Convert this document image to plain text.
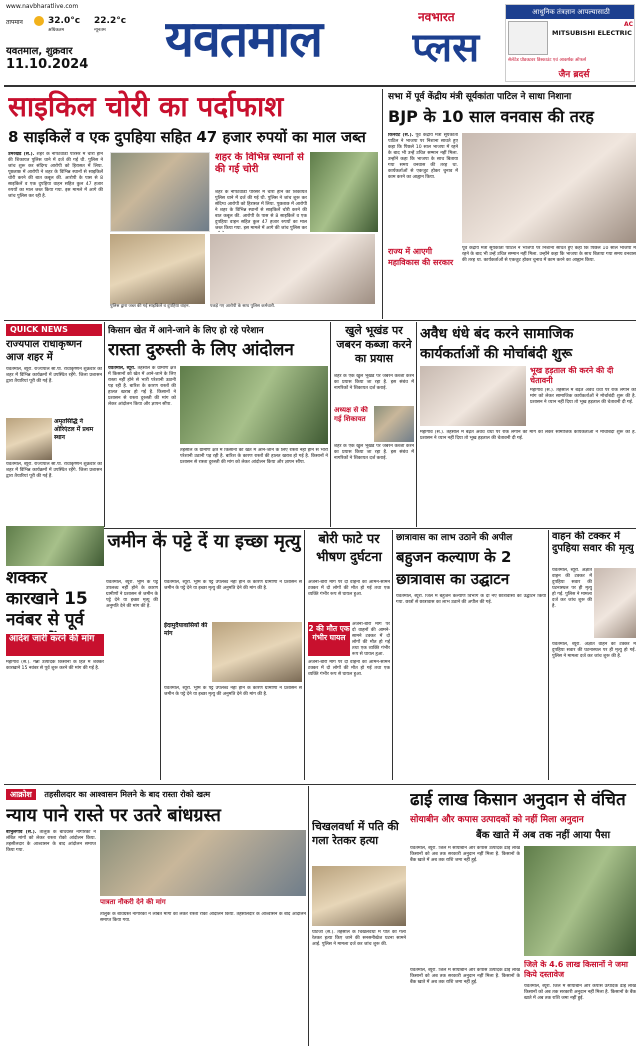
www.navbharatlive.com
तापमान	32.0°c 22.2°c
अधिकतम	न्यूनतम
यवतमाल, शुक्रवार
11.10.2024
	यवतमाल	नवभारत
प्लस
आधुनिक तंत्रज्ञान आपल्यासाठी
MITSUBISHI ELECTRIC
AC
सेलेटेड प्रोडक्टवर डिस्काउंट एवं आकर्षक ऑफर्स
जैन ब्रदर्स
साइकिल चोरी का पर्दाफाश
8 साइकिलें व एक दुपहिया सहित 47 हजार रुपयों का माल जब्त
उमरखेड (सं.). शहर के नौपटवाडी परिसर में चोरी होने की शिकायत पुलिस थाने में दर्ज की गई थी. पुलिस ने जांच शुरू कर संदिग्ध आरोपी को हिरासत में लिया. पूछताछ में आरोपी ने शहर के विभिन्न स्थानों से साइकिलें चोरी करने की बात कबूल की. आरोपी के पास से 8 साइकिलें व एक दुपहिया वाहन सहित कुल 47 हजार रुपयों का माल जब्त किया गया. इस मामले में आगे की जांच पुलिस कर रही है.
शहर के विभिन्न स्थानों से की गई चोरी
शहर के नौपटवाडी परिसर में चोरी होने की शिकायत पुलिस थाने में दर्ज की गई थी. पुलिस ने जांच शुरू कर संदिग्ध आरोपी को हिरासत में लिया. पूछताछ में आरोपी ने शहर के विभिन्न स्थानों से साइकिलें चोरी करने की बात कबूल की. आरोपी के पास से 8 साइकिलें व एक दुपहिया वाहन सहित कुल 47 हजार रुपयों का माल जब्त किया गया. इस मामले में आगे की जांच पुलिस कर
पुलिस द्वारा जब्त की गई साइकिलें व दुपहिया वाहन.	पकड़े गए आरोपी के साथ पुलिस कर्मचारी.
सभा में पूर्व केंद्रीय मंत्री सूर्यकांता पाटिल ने साधा निशाना
BJP के 10 साल वनवास की तरह
किनवट (सं.). पूर्व केंद्रीय मंत्री सूर्यकांता पाटिल ने भाजपा पर निशाना साधते हुए कहा कि पिछले 10 साल भाजपा में रहने के बाद भी उन्हें उचित सम्मान नहीं मिला. उन्होंने कहा कि भाजपा के साथ बिताया गया समय वनवास की तरह था. कार्यकर्ताओं से एकजुट होकर चुनाव में काम करने का आह्वान किया.
राज्य में आएगी महाविकास की सरकार
पूर्व केंद्रीय मंत्री सूर्यकांता पाटिल ने भाजपा पर निशाना साधते हुए कहा कि पिछले 10 साल भाजपा में रहने के बाद भी उन्हें उचित सम्मान नहीं मिला. उन्होंने कहा कि भाजपा के साथ बिताया गया समय वनवास की तरह था. कार्यकर्ताओं से एकजुट होकर चुनाव में काम करने का आह्वान किया.
QUICK NEWS
राज्यपाल राधाकृष्णन आज शहर में
यवतमाल, ब्यूरो. राज्यपाल सी.पी. राधाकृष्णन शुक्रवार को शहर में विभिन्न कार्यक्रमों में उपस्थित रहेंगे. जिला प्रशासन द्वारा तैयारियां पूरी की गई हैं.
अमृतसिद्धि ने ओरिएंटल में प्रथम स्थान
यवतमाल, ब्यूरो. राज्यपाल सी.पी. राधाकृष्णन शुक्रवार को शहर में विभिन्न कार्यक्रमों में उपस्थित रहेंगे. जिला प्रशासन द्वारा तैयारियां पूरी की गई हैं.
किसान खेत में आने-जाने के लिए हो रहे परेशान
रास्ता दुरुस्ती के लिए आंदोलन
यवतमाल, ब्यूरो. तहसील के ग्रामीण क्षेत्र में किसानों को खेत में आने-जाने के लिए रास्ता नहीं होने से भारी परेशानी उठानी पड़ रही है. बारिश के कारण रास्तों की हालत खराब हो गई है. किसानों ने प्रशासन से रास्ता दुरुस्ती की मांग को लेकर आंदोलन किया और ज्ञापन सौंपा.
तहसील के ग्रामीण क्षेत्र में किसानों को खेत में आने-जाने के लिए रास्ता नहीं होने से भारी परेशानी उठानी पड़ रही है. बारिश के कारण रास्तों की हालत खराब हो गई है. किसानों ने प्रशासन से रास्ता दुरुस्ती की मांग को लेकर आंदोलन किया और ज्ञापन सौंपा.
खुले भूखंड पर जबरन कब्जा करने का प्रयास
शहर के एक खुले भूखंड पर जबरन कब्जा करने का प्रयास किया जा रहा है. इस संबंध में नागरिकों ने शिकायत दर्ज कराई.
अध्यक्ष से की गई शिकायत
शहर के एक खुले भूखंड पर जबरन कब्जा करने का प्रयास किया जा रहा है. इस संबंध में नागरिकों ने शिकायत दर्ज कराई.
अवैध धंधे बंद करने सामाजिक कार्यकर्ताओं की मोर्चाबंदी शुरू
भूख हड़ताल की करने की दी चेतावनी
महागांव (सं.). तहसील में बढ़ते अवैध धंधों पर रोक लगाने की मांग को लेकर सामाजिक कार्यकर्ताओं ने मोर्चाबंदी शुरू की है. प्रशासन ने ध्यान नहीं दिया तो भूख हड़ताल की चेतावनी दी गई.
महागांव (सं.). तहसील में बढ़ते अवैध धंधों पर रोक लगाने की मांग को लेकर सामाजिक कार्यकर्ताओं ने मोर्चाबंदी शुरू की है. प्रशासन ने ध्यान नहीं दिया तो भूख हड़ताल की चेतावनी दी गई.
शक्कर कारखाने 15 नवंबर से पूर्व
आदेश जारी करने की मांग
महागांव (सं.). गन्ना उत्पादक किसानों के हित में शक्कर कारखाने 15 नवंबर से पूर्व शुरू करने की मांग की गई है.
जमीन के पट्टे दें या इच्छा मृत्यु
यवतमाल, ब्यूरो. भूमि के पट्टे उपलब्ध नहीं होने के कारण ग्रामीणों ने प्रशासन से जमीन के पट्टे देने या इच्छा मृत्यु की अनुमति देने की मांग की है.
यवतमाल, ब्यूरो. भूमि के पट्टे उपलब्ध नहीं होने के कारण ग्रामीणों ने प्रशासन से जमीन के पट्टे देने या इच्छा मृत्यु की अनुमति देने की मांग की है.
ईदामुदैयावासियों की मांग
यवतमाल, ब्यूरो. भूमि के पट्टे उपलब्ध नहीं होने के कारण ग्रामीणों ने प्रशासन से जमीन के पट्टे देने या इच्छा मृत्यु की अनुमति देने की मांग की है.
बोरी फाटे पर भीषण दुर्घटना
अजनी-बोरी मार्ग पर दो वाहनों की आमने-सामने टक्कर में दो लोगों की मौत हो गई तथा एक व्यक्ति गंभीर रूप से घायल हुआ.
2 की मौत एक गंभीर घायल
अजनी-बोरी मार्ग पर दो वाहनों की आमने-सामने टक्कर में दो लोगों की मौत हो गई तथा एक व्यक्ति गंभीर रूप से घायल हुआ.
अजनी-बोरी मार्ग पर दो वाहनों की आमने-सामने टक्कर में दो लोगों की मौत हो गई तथा एक व्यक्ति गंभीर रूप से घायल हुआ.
छात्रावास का लाभ उठाने की अपील
बहुजन कल्याण के 2 छात्रावास का उद्घाटन
यवतमाल, ब्यूरो. जिले में बहुजन कल्याण विभाग के दो नए छात्रावासों का उद्घाटन किया गया. छात्रों से छात्रावास का लाभ उठाने की अपील की गई.
वाहन की टक्कर में दुपहिया सवार की मृत्यु
यवतमाल, ब्यूरो. अज्ञात वाहन की टक्कर में दुपहिया सवार की घटनास्थल पर ही मृत्यु हो गई. पुलिस ने मामला दर्ज कर जांच शुरू की है.
यवतमाल, ब्यूरो. अज्ञात वाहन की टक्कर में दुपहिया सवार की घटनास्थल पर ही मृत्यु हो गई. पुलिस ने मामला दर्ज कर जांच शुरू की है.
आक्रोश तहसीलदार का आश्वासन मिलने के बाद रास्ता रोको खत्म
न्याय पाने रास्ते पर उतरे बांधग्रस्त
बाभुलगांव (सं.). तालुके के बांधग्रस्त नागरिकों ने लंबित मांगों को लेकर रास्ता रोको आंदोलन किया. तहसीलदार के आश्वासन के बाद आंदोलन समाप्त किया गया.
पात्रता नौकरी देने की मांग
तालुके के बांधग्रस्त नागरिकों ने लंबित मांगों को लेकर रास्ता रोको आंदोलन किया. तहसीलदार के आश्वासन के बाद आंदोलन समाप्त किया गया.
चिखलवर्धा में पति की गला रेतकर हत्या
घाटंजी (सं.). तहसील के चिखलवर्धा में पति की गला रेतकर हत्या किए जाने की सनसनीखेज घटना सामने आई. पुलिस ने मामला दर्ज कर जांच शुरू की.
ढाई लाख किसान अनुदान से वंचित
सोयाबीन और कपास उत्पादकों को नहीं मिला अनुदान
बैंक खाते में अब तक नहीं आया पैसा
यवतमाल, ब्यूरो. जिले में सोयाबीन और कपास उत्पादक ढाई लाख किसानों को अब तक सरकारी अनुदान नहीं मिला है. किसानों के बैंक खाते में अब तक राशि जमा नहीं हुई.
जिले के 4.6 लाख किसानों ने जमा किये दस्तावेज
यवतमाल, ब्यूरो. जिले में सोयाबीन और कपास उत्पादक ढाई लाख किसानों को अब तक सरकारी अनुदान नहीं मिला है. किसानों के बैंक खाते में अब तक राशि जमा नहीं हुई.
यवतमाल, ब्यूरो. जिले में सोयाबीन और कपास उत्पादक ढाई लाख किसानों को अब तक सरकारी अनुदान नहीं मिला है. किसानों के बैंक खाते में अब तक राशि जमा नहीं हुई.
